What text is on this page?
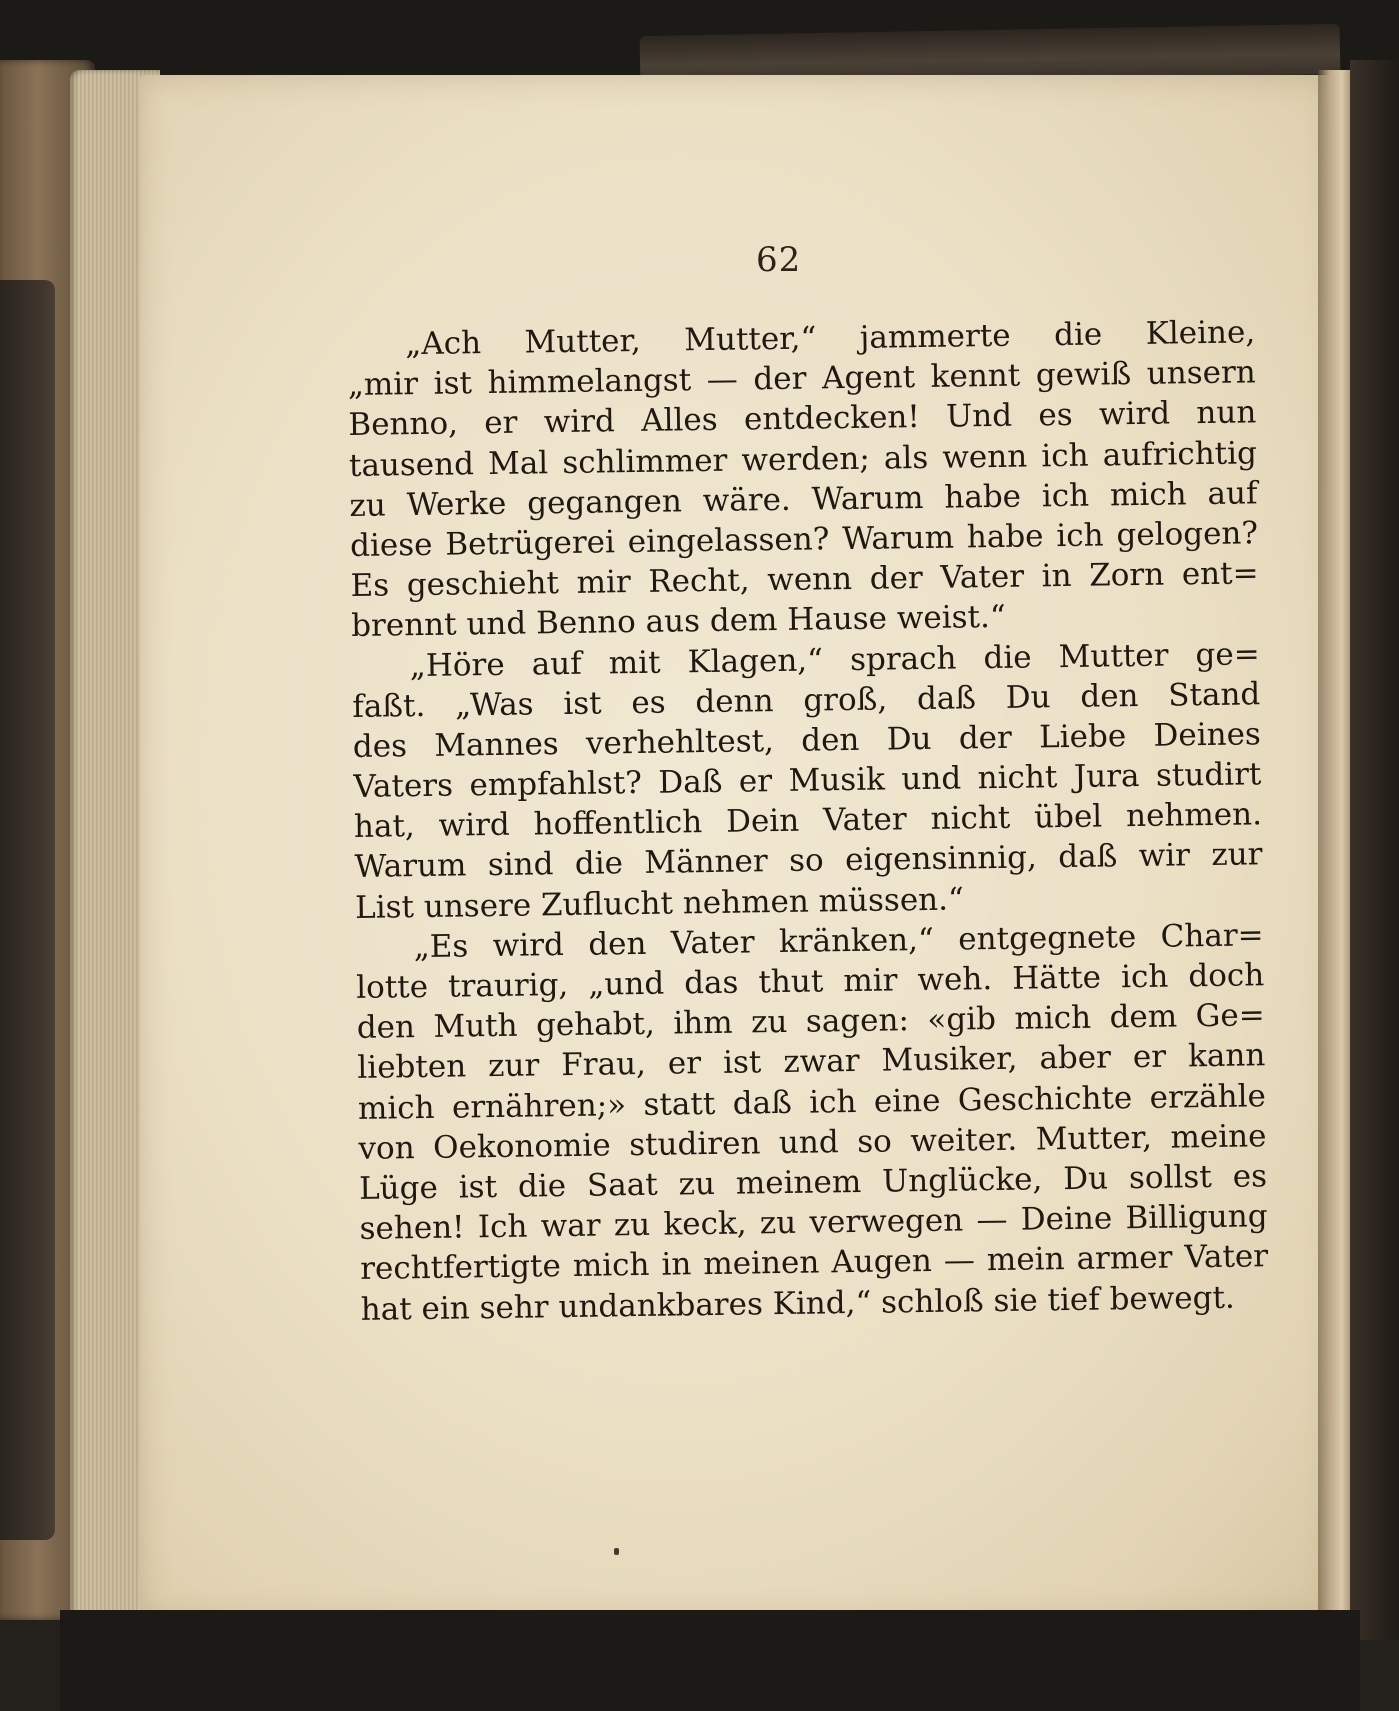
62
„Ach Mutter, Mutter,“ jammerte die Kleine,
„mir ist himmelangst — der Agent kennt gewiß unsern
Benno, er wird Alles entdecken! Und es wird nun
tausend Mal schlimmer werden; als wenn ich aufrichtig
zu Werke gegangen wäre. Warum habe ich mich auf
diese Betrügerei eingelassen? Warum habe ich gelogen?
Es geschieht mir Recht, wenn der Vater in Zorn ent=
brennt und Benno aus dem Hause weist.“
„Höre auf mit Klagen,“ sprach die Mutter ge=
faßt. „Was ist es denn groß, daß Du den Stand
des Mannes verhehltest, den Du der Liebe Deines
Vaters empfahlst? Daß er Musik und nicht Jura studirt
hat, wird hoffentlich Dein Vater nicht übel nehmen.
Warum sind die Männer so eigensinnig, daß wir zur
List unsere Zuflucht nehmen müssen.“
„Es wird den Vater kränken,“ entgegnete Char=
lotte traurig, „und das thut mir weh. Hätte ich doch
den Muth gehabt, ihm zu sagen: «gib mich dem Ge=
liebten zur Frau, er ist zwar Musiker, aber er kann
mich ernähren;» statt daß ich eine Geschichte erzähle
von Oekonomie studiren und so weiter. Mutter, meine
Lüge ist die Saat zu meinem Unglücke, Du sollst es
sehen! Ich war zu keck, zu verwegen — Deine Billigung
rechtfertigte mich in meinen Augen — mein armer Vater
hat ein sehr undankbares Kind,“ schloß sie tief bewegt.
